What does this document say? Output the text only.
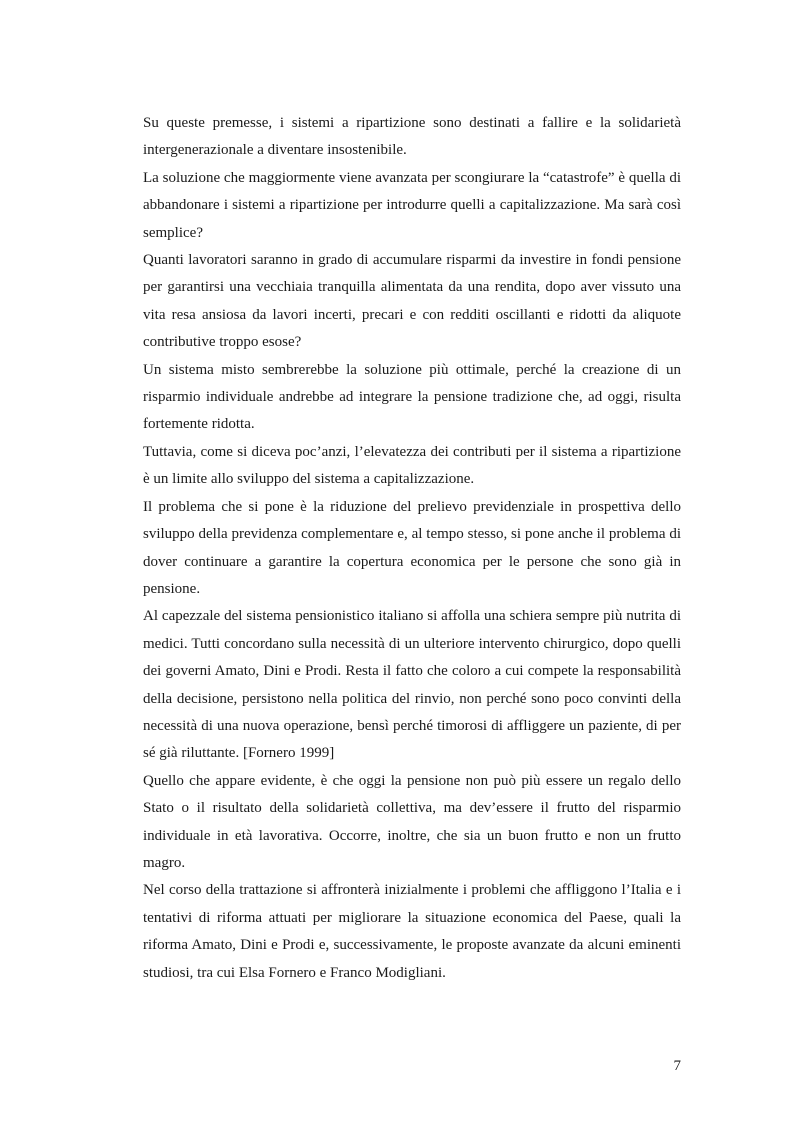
Su queste premesse, i sistemi a ripartizione sono destinati a fallire e la solidarietà intergenerazionale a diventare insostenibile.

La soluzione che maggiormente viene avanzata per scongiurare la “catastrofe” è quella di abbandonare i sistemi a ripartizione per introdurre quelli a capitalizzazione. Ma sarà così semplice?

Quanti lavoratori saranno in grado di accumulare risparmi da investire in fondi pensione per garantirsi una vecchiaia tranquilla alimentata da una rendita, dopo aver vissuto una vita resa ansiosa da lavori incerti, precari e con redditi oscillanti e ridotti da aliquote contributive troppo esose?

Un sistema misto sembrerebbe la soluzione più ottimale, perché la creazione di un risparmio individuale andrebbe ad integrare la pensione tradizione che, ad oggi, risulta fortemente ridotta.

Tuttavia, come si diceva poc’anzi, l’elevatezza dei contributi per il sistema a ripartizione è un limite allo sviluppo del sistema a capitalizzazione.

Il problema che si pone è la riduzione del prelievo previdenziale in prospettiva dello sviluppo della previdenza complementare e, al tempo stesso, si pone anche il problema di dover continuare a garantire la copertura economica per le persone che sono già in pensione.

Al capezzale del sistema pensionistico italiano si affolla una schiera sempre più nutrita di medici. Tutti concordano sulla necessità di un ulteriore intervento chirurgico, dopo quelli dei governi Amato, Dini e Prodi. Resta il fatto che coloro a cui compete la responsabilità della decisione, persistono nella politica del rinvio, non perché sono poco convinti della necessità di una nuova operazione, bensì perché timorosi di affliggere un paziente, di per sé già riluttante. [Fornero 1999]

Quello che appare evidente, è che oggi la pensione non può più essere un regalo dello Stato o il risultato della solidarietà collettiva, ma dev’essere il frutto del risparmio individuale in età lavorativa. Occorre, inoltre, che sia un buon frutto e non un frutto magro.

Nel corso della trattazione si affronterà inizialmente i problemi che affliggono l’Italia e i tentativi di riforma attuati per migliorare la situazione economica del Paese, quali la riforma Amato, Dini e Prodi e, successivamente, le proposte avanzate da alcuni eminenti studiosi, tra cui Elsa Fornero e Franco Modigliani.

7
